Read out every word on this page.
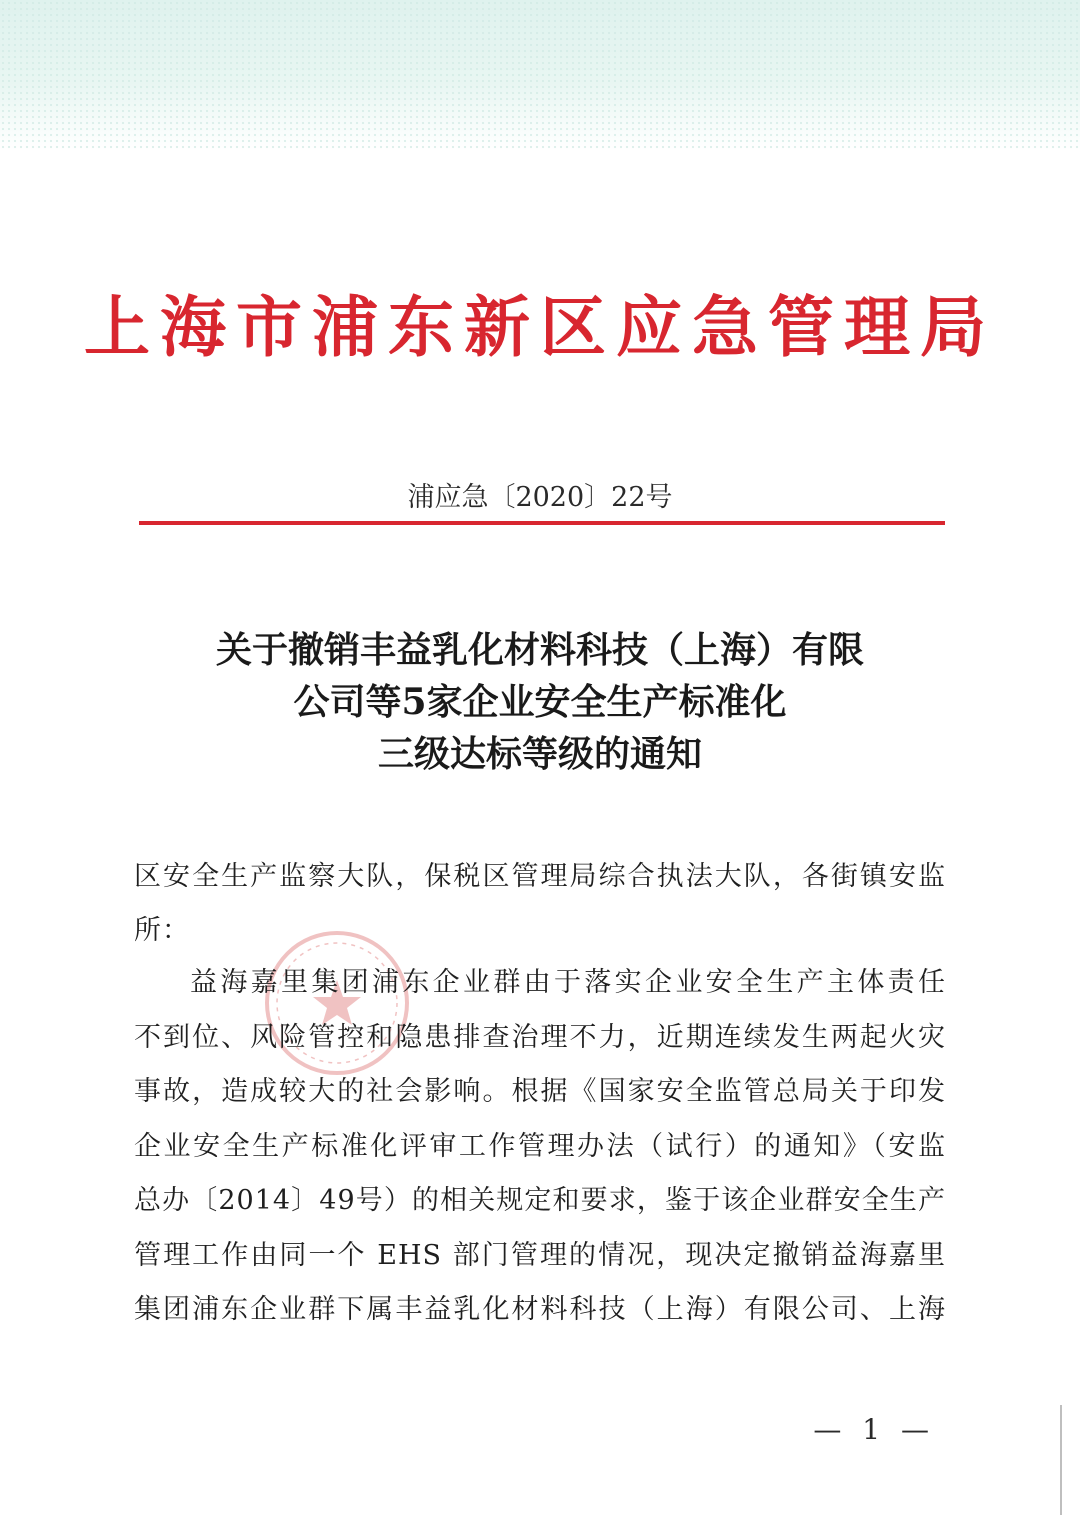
上海市浦东新区应急管理局
浦应急〔2020〕22号
关于撤销丰益乳化材料科技（上海）有限
公司等5家企业安全生产标准化
三级达标等级的通知
区安全生产监察大队，保税区管理局综合执法大队，各街镇安监所：
益海嘉里集团浦东企业群由于落实企业安全生产主体责任
不到位、风险管控和隐患排查治理不力，近期连续发生两起火灾
事故，造成较大的社会影响。根据《国家安全监管总局关于印发
企业安全生产标准化评审工作管理办法（试行）的通知》（安监
总办〔2014〕49号）的相关规定和要求，鉴于该企业群安全生产
管理工作由同一个 EHS 部门管理的情况，现决定撤销益海嘉里
集团浦东企业群下属丰益乳化材料科技（上海）有限公司、上海
— 1 —
